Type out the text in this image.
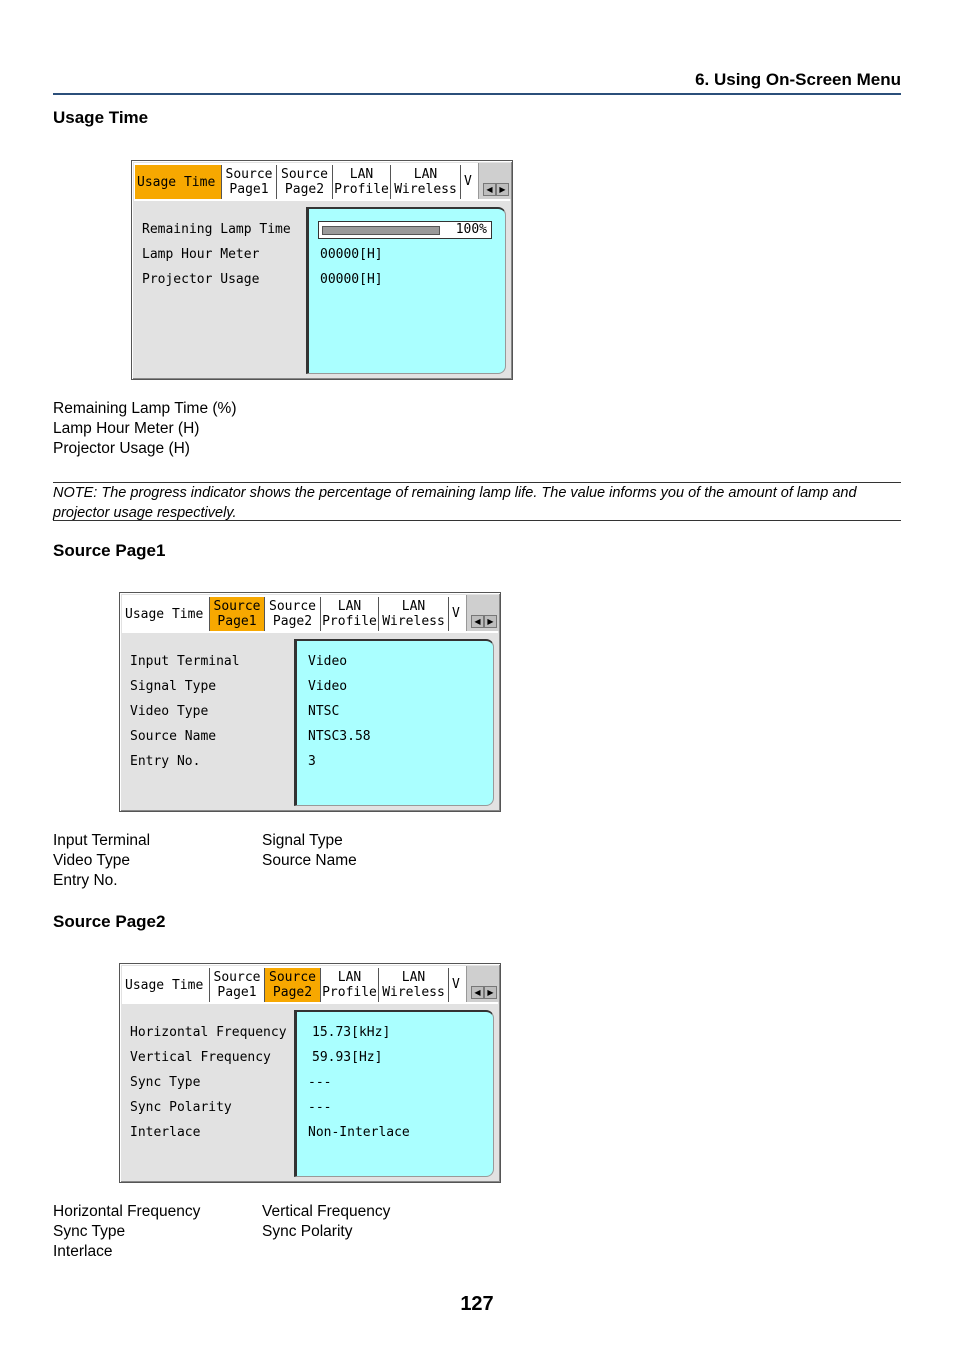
6. Using On-Screen Menu
Usage Time
Usage Time Source
Page1
Source
Page2
LAN
Profile
LAN
Wireless
V
◀ ▶
Remaining Lamp Time
Lamp Hour Meter
Projector Usage
100%
00000[H]
00000[H]
Remaining Lamp Time (%)
Lamp Hour Meter (H)
Projector Usage (H)
NOTE: The progress indicator shows the percentage of remaining lamp life. The value informs you of the amount of lamp and projector usage respectively.
Source Page1
Usage Time Source
Page1
Source
Page2
LAN
Profile
LAN
Wireless
V
◀ ▶
Input Terminal
Signal Type
Video Type
Source Name
Entry No.
Video
Video
NTSC
NTSC3.58
3
Input Terminal
Video Type
Entry No.
Signal Type
Source Name
Source Page2
Usage Time Source
Page1
Source
Page2
LAN
Profile
LAN
Wireless
V
◀ ▶
Horizontal Frequency
Vertical Frequency
Sync Type
Sync Polarity
Interlace
15.73[kHz]
59.93[Hz]
---
---
Non-Interlace
Horizontal Frequency
Sync Type
Interlace
Vertical Frequency
Sync Polarity
127
